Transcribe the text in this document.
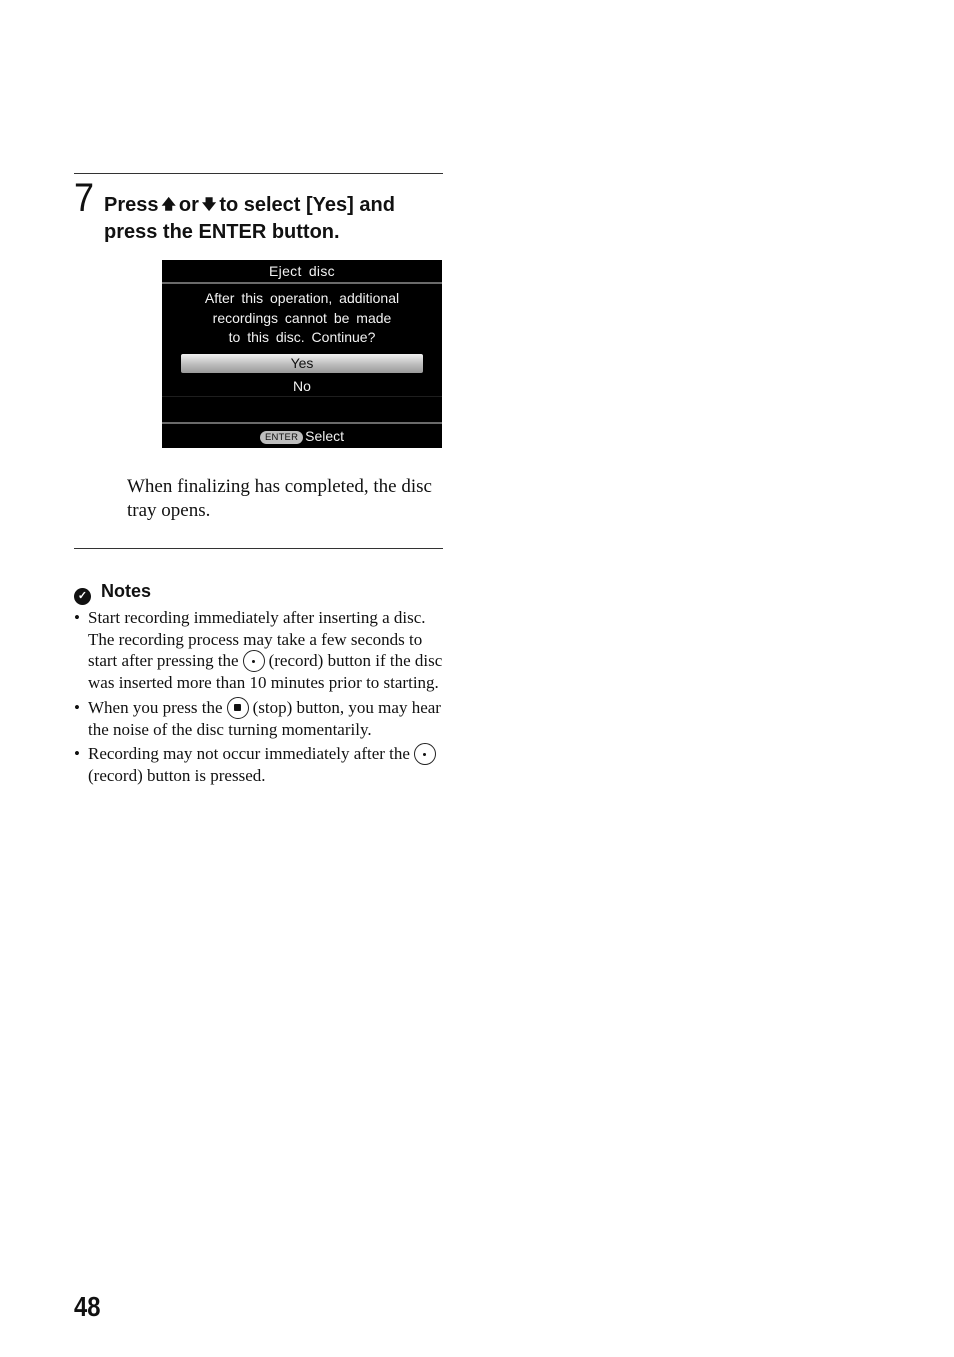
7 Press 🡅 or 🡇 to select [Yes] and press the ENTER button.
Eject disc
After this operation, additional
recordings cannot be made
to this disc. Continue?
Yes
No
ENTER Select
When finalizing has completed, the disc tray opens.
✓ Notes
• Start recording immediately after inserting a disc. The recording process may take a few seconds to start after pressing the (record) button if the disc was inserted more than 10 minutes prior to starting.
• When you press the (stop) button, you may hear the noise of the disc turning momentarily.
• Recording may not occur immediately after the(record) button is pressed.
48
